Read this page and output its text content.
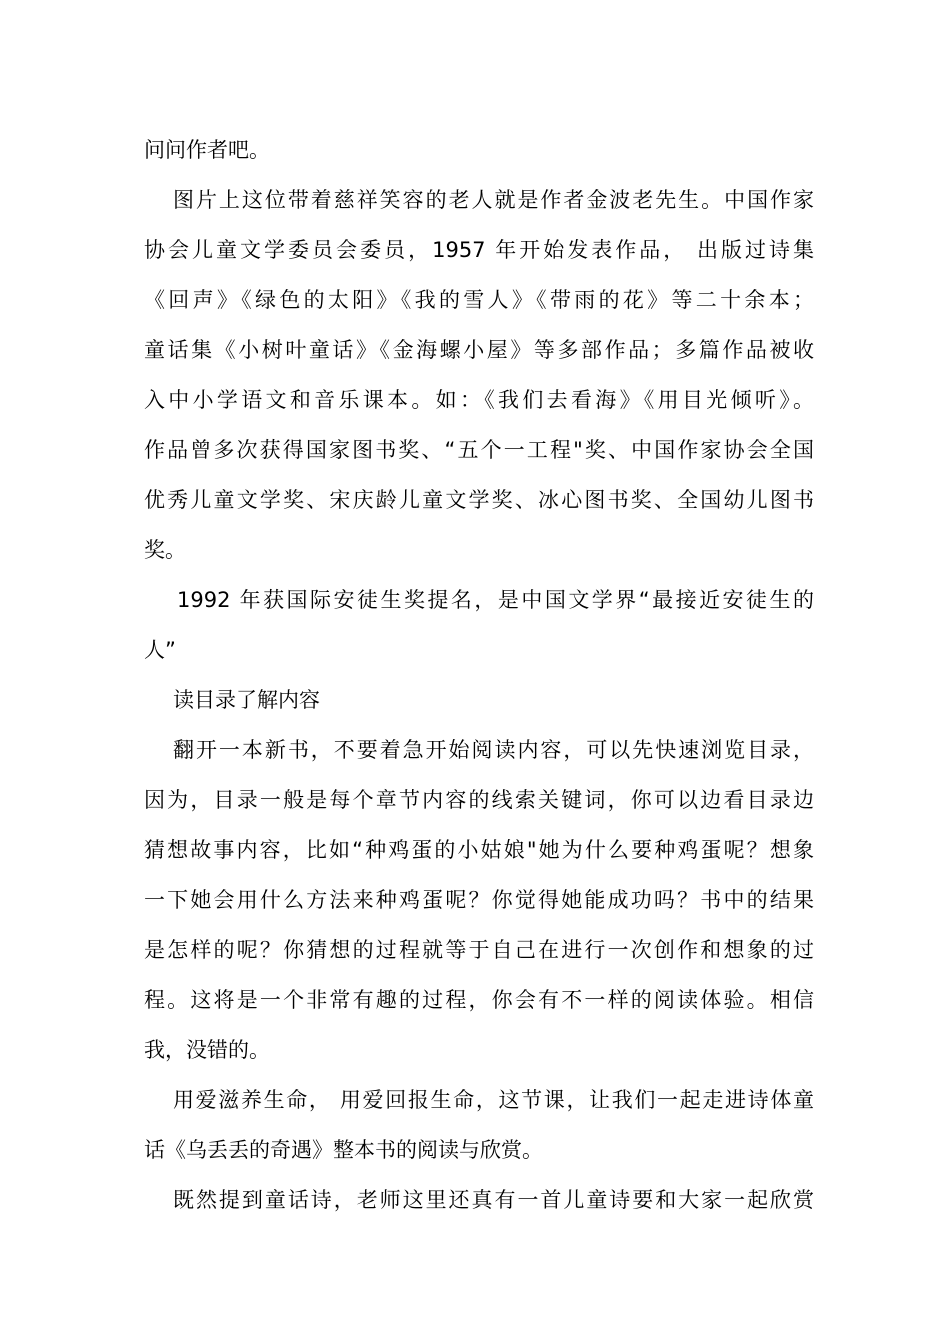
问问作者吧。

图片上这位带着慈祥笑容的老人就是作者金波老先生。中国作家
协会儿童文学委员会委员，1957 年开始发表作品， 出版过诗集
《回声》《绿色的太阳》《我的雪人》《带雨的花》等二十余本；
童话集《小树叶童话》《金海螺小屋》等多部作品；多篇作品被收
入中小学语文和音乐课本。如：《我们去看海》《用目光倾听》。
作品曾多次获得国家图书奖、“五个一工程"奖、中国作家协会全国
优秀儿童文学奖、宋庆龄儿童文学奖、冰心图书奖、全国幼儿图书
奖。

1992 年获国际安徒生奖提名，是中国文学界“最接近安徒生的
人”

读目录了解内容

翻开一本新书，不要着急开始阅读内容，可以先快速浏览目录，
因为，目录一般是每个章节内容的线索关键词，你可以边看目录边
猜想故事内容，比如“种鸡蛋的小姑娘"她为什么要种鸡蛋呢？想象
一下她会用什么方法来种鸡蛋呢？你觉得她能成功吗？书中的结果
是怎样的呢？你猜想的过程就等于自己在进行一次创作和想象的过
程。这将是一个非常有趣的过程，你会有不一样的阅读体验。相信
我，没错的。

用爱滋养生命， 用爱回报生命，这节课，让我们一起走进诗体童
话《乌丢丢的奇遇》整本书的阅读与欣赏。

既然提到童话诗，老师这里还真有一首儿童诗要和大家一起欣赏
